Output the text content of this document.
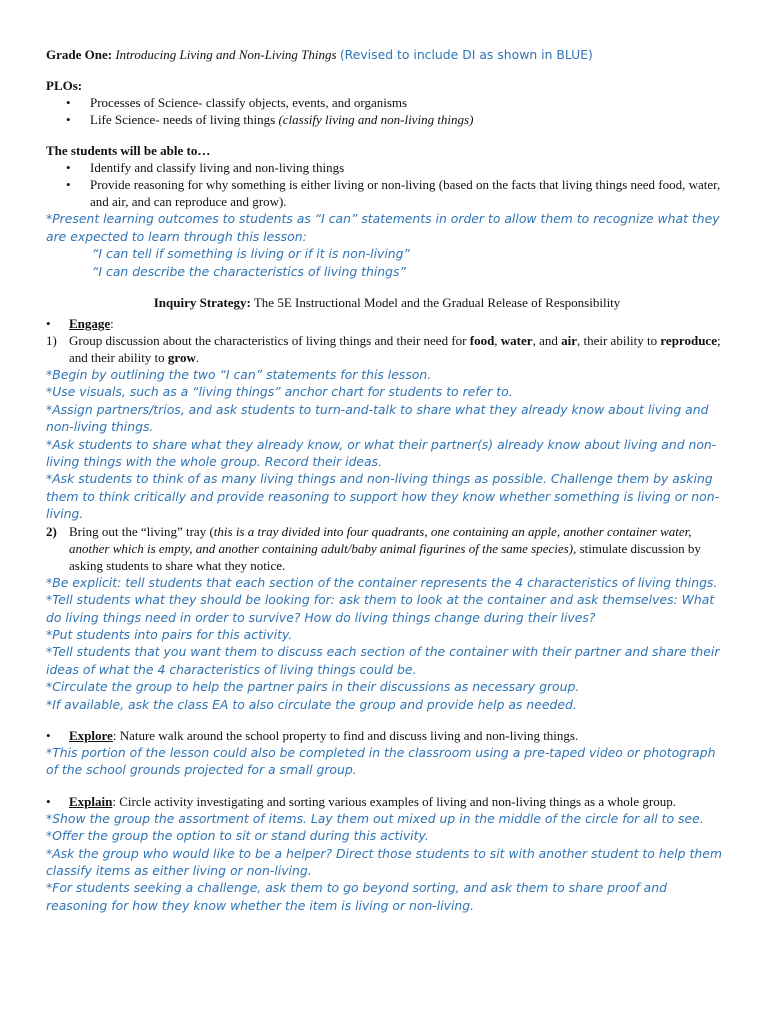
Grade One: Introducing Living and Non-Living Things (Revised to include DI as shown in BLUE)

PLOs:

• Processes of Science- classify objects, events, and organisms
• Life Science- needs of living things (classify living and non-living things)

The students will be able to…

• Identify and classify living and non-living things
• Provide reasoning for why something is either living or non-living (based on the facts that living things need food, water, and air, and can reproduce and grow).

*Present learning outcomes to students as “I can” statements in order to allow them to recognize what they are expected to learn through this lesson:

“I can tell if something is living or if it is non-living”

“I can describe the characteristics of living things”

Inquiry Strategy: The 5E Instructional Model and the Gradual Release of Responsibility

• Engage:

1) Group discussion about the characteristics of living things and their need for food, water, and air, their ability to reproduce; and their ability to grow.

*Begin by outlining the two “I can” statements for this lesson.

*Use visuals, such as a “living things” anchor chart for students to refer to.

*Assign partners/trios, and ask students to turn-and-talk to share what they already know about living and non-living things.

*Ask students to share what they already know, or what their partner(s) already know about living and non-living things with the whole group. Record their ideas.

*Ask students to think of as many living things and non-living things as possible. Challenge them by asking them to think critically and provide reasoning to support how they know whether something is living or non-living.

2) Bring out the “living” tray (this is a tray divided into four quadrants, one containing an apple, another container water, another which is empty, and another containing adult/baby animal figurines of the same species), stimulate discussion by asking students to share what they notice.

*Be explicit: tell students that each section of the container represents the 4 characteristics of living things.

*Tell students what they should be looking for: ask them to look at the container and ask themselves: What do living things need in order to survive? How do living things change during their lives?

*Put students into pairs for this activity.

*Tell students that you want them to discuss each section of the container with their partner and share their ideas of what the 4 characteristics of living things could be.

*Circulate the group to help the partner pairs in their discussions as necessary group.

*If available, ask the class EA to also circulate the group and provide help as needed.

• Explore: Nature walk around the school property to find and discuss living and non-living things.

*This portion of the lesson could also be completed in the classroom using a pre-taped video or photograph of the school grounds projected for a small group.

• Explain: Circle activity investigating and sorting various examples of living and non-living things as a whole group.

*Show the group the assortment of items. Lay them out mixed up in the middle of the circle for all to see.

*Offer the group the option to sit or stand during this activity.

*Ask the group who would like to be a helper? Direct those students to sit with another student to help them classify items as either living or non-living.

*For students seeking a challenge, ask them to go beyond sorting, and ask them to share proof and reasoning for how they know whether the item is living or non-living.
